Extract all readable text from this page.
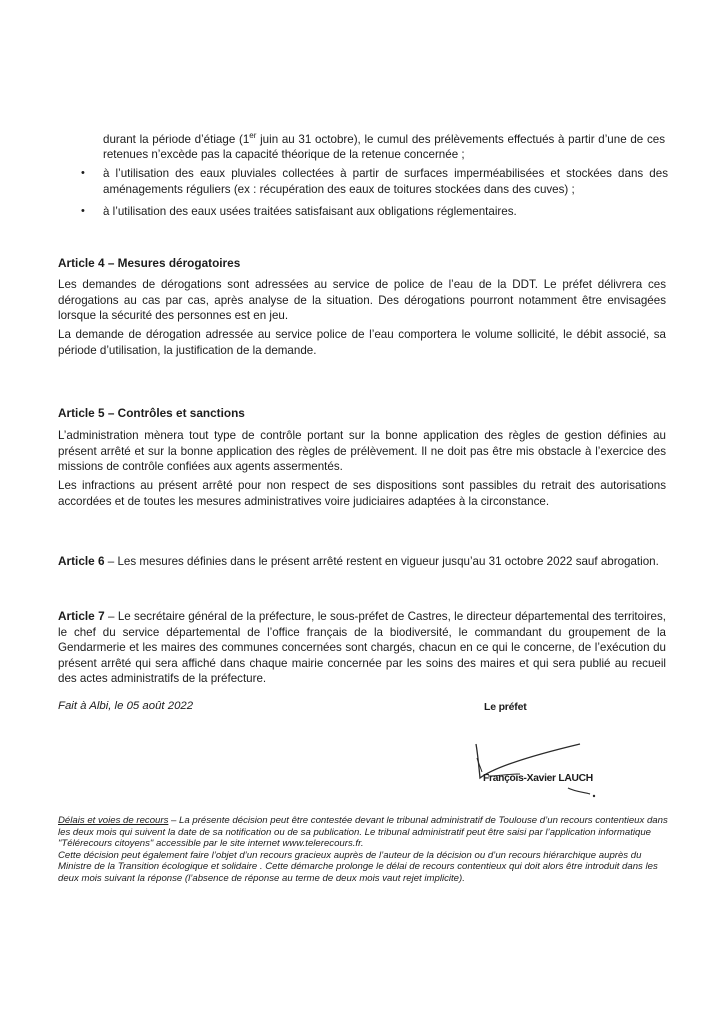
durant la période d’étiage (1er juin au 31 octobre), le cumul des prélèvements effectués à partir d’une de ces retenues n’excède pas la capacité théorique de la retenue concernée ;

• à l’utilisation des eaux pluviales collectées à partir de surfaces imperméabilisées et stockées dans des aménagements réguliers (ex : récupération des eaux de toitures stockées dans des cuves) ;
• à l’utilisation des eaux usées traitées satisfaisant aux obligations réglementaires.
Article 4 – Mesures dérogatoires

Les demandes de dérogations sont adressées au service de police de l’eau de la DDT. Le préfet délivrera ces dérogations au cas par cas, après analyse de la situation. Des dérogations pourront notamment être envisagées lorsque la sécurité des personnes est en jeu.

La demande de dérogation adressée au service police de l’eau comportera le volume sollicité, le débit associé, sa période d’utilisation, la justification de la demande.

Article 5 – Contrôles et sanctions

L’administration mènera tout type de contrôle portant sur la bonne application des règles de gestion définies au présent arrêté et sur la bonne application des règles de prélèvement. Il ne doit pas être mis obstacle à l’exercice des missions de contrôle confiées aux agents assermentés.

Les infractions au présent arrêté pour non respect de ses dispositions sont passibles du retrait des autorisations accordées et de toutes les mesures administratives voire judiciaires adaptées à la circonstance.

Article 6 – Les mesures définies dans le présent arrêté restent en vigueur jusqu’au 31 octobre 2022 sauf abrogation.

Article 7 – Le secrétaire général de la préfecture, le sous-préfet de Castres, le directeur départemental des territoires, le chef du service départemental de l’office français de la biodiversité, le commandant du groupement de la Gendarmerie et les maires des communes concernées sont chargés, chacun en ce qui le concerne, de l’exécution du présent arrêté qui sera affiché dans chaque mairie concernée par les soins des maires et qui sera publié au recueil des actes administratifs de la préfecture.

Fait à Albi, le 05 août 2022	Le préfet
François-Xavier LAUCH

Délais et voies de recours – La présente décision peut être contestée devant le tribunal administratif de Toulouse d’un recours contentieux dans les deux mois qui suivent la date de sa notification ou de sa publication. Le tribunal administratif peut être saisi par l’application informatique "Télérecours citoyens" accessible par le site internet www.telerecours.fr.

Cette décision peut également faire l’objet d’un recours gracieux auprès de l’auteur de la décision ou d’un recours hiérarchique auprès du Ministre de la Transition écologique et solidaire . Cette démarche prolonge le délai de recours contentieux qui doit alors être introduit dans les deux mois suivant la réponse (l’absence de réponse au terme de deux mois vaut rejet implicite).
